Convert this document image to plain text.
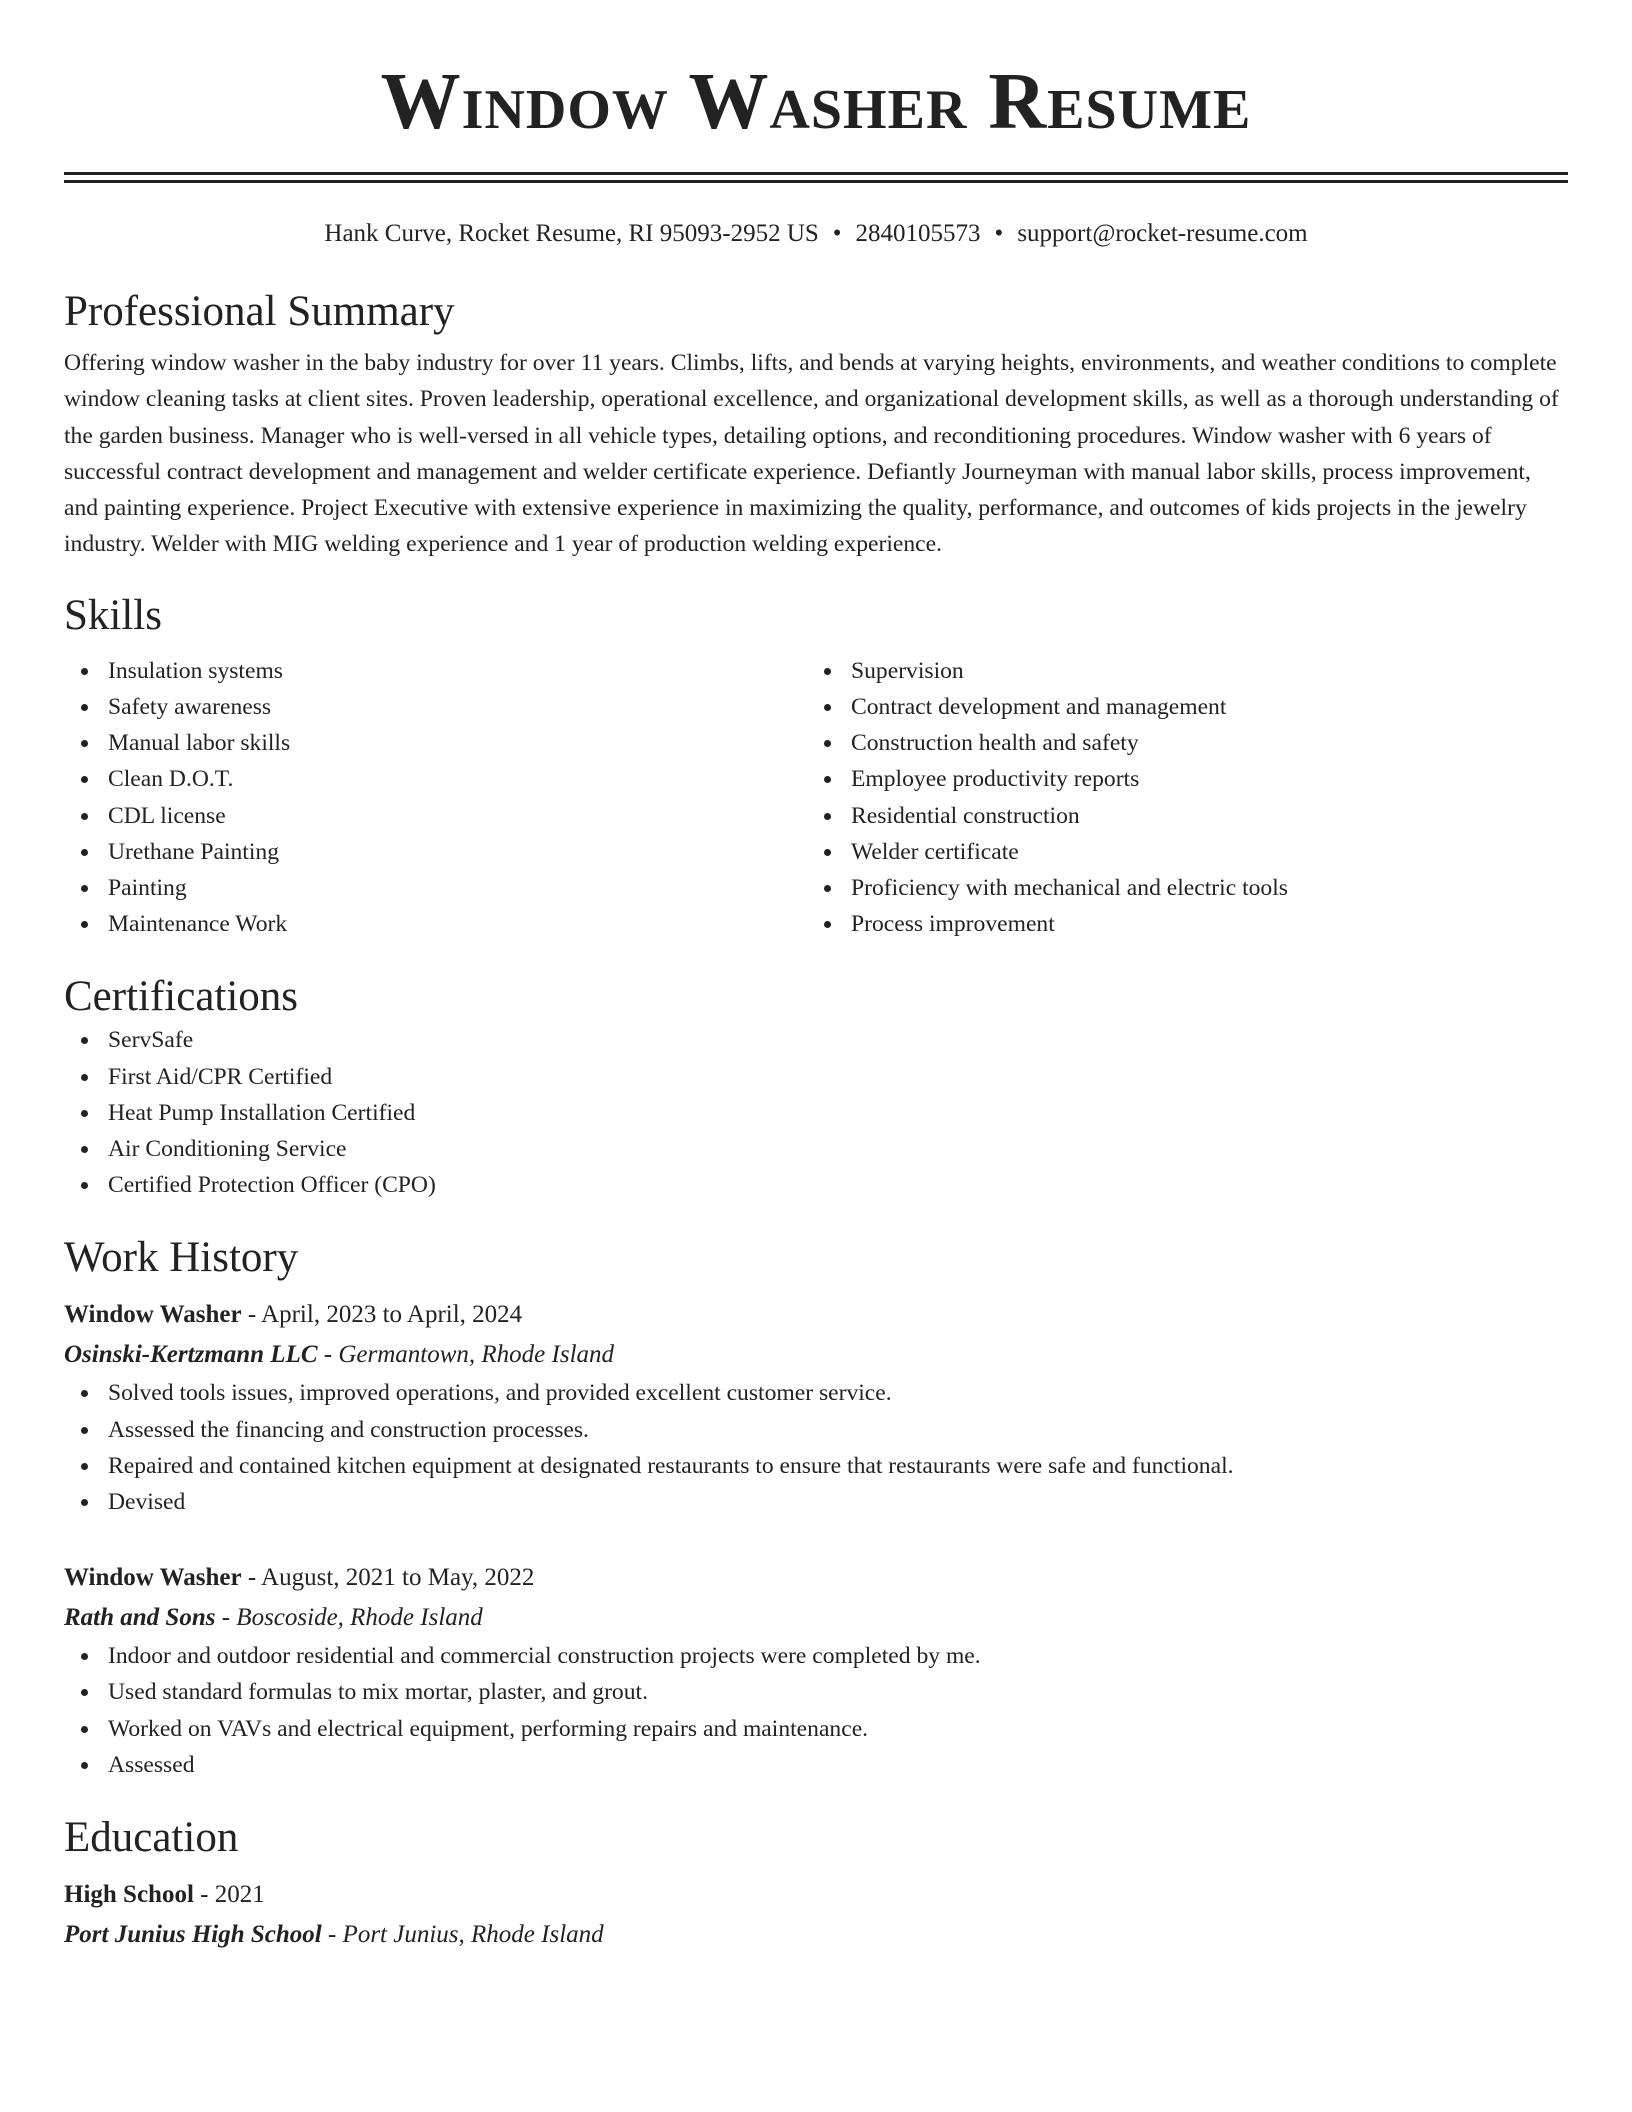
Window Washer Resume
Hank Curve, Rocket Resume, RI 95093-2952 US • 2840105573 • support@rocket-resume.com
Professional Summary
Offering window washer in the baby industry for over 11 years. Climbs, lifts, and bends at varying heights, environments, and weather conditions to complete window cleaning tasks at client sites. Proven leadership, operational excellence, and organizational development skills, as well as a thorough understanding of the garden business. Manager who is well-versed in all vehicle types, detailing options, and reconditioning procedures. Window washer with 6 years of successful contract development and management and welder certificate experience. Defiantly Journeyman with manual labor skills, process improvement, and painting experience. Project Executive with extensive experience in maximizing the quality, performance, and outcomes of kids projects in the jewelry industry. Welder with MIG welding experience and 1 year of production welding experience.
Skills
Insulation systems
Safety awareness
Manual labor skills
Clean D.O.T.
CDL license
Urethane Painting
Painting
Maintenance Work
Supervision
Contract development and management
Construction health and safety
Employee productivity reports
Residential construction
Welder certificate
Proficiency with mechanical and electric tools
Process improvement
Certifications
ServSafe
First Aid/CPR Certified
Heat Pump Installation Certified
Air Conditioning Service
Certified Protection Officer (CPO)
Work History
Window Washer - April, 2023 to April, 2024
Osinski-Kertzmann LLC - Germantown, Rhode Island
Solved tools issues, improved operations, and provided excellent customer service.
Assessed the financing and construction processes.
Repaired and contained kitchen equipment at designated restaurants to ensure that restaurants were safe and functional.
Devised
Window Washer - August, 2021 to May, 2022
Rath and Sons - Boscoside, Rhode Island
Indoor and outdoor residential and commercial construction projects were completed by me.
Used standard formulas to mix mortar, plaster, and grout.
Worked on VAVs and electrical equipment, performing repairs and maintenance.
Assessed
Education
High School - 2021
Port Junius High School - Port Junius, Rhode Island
